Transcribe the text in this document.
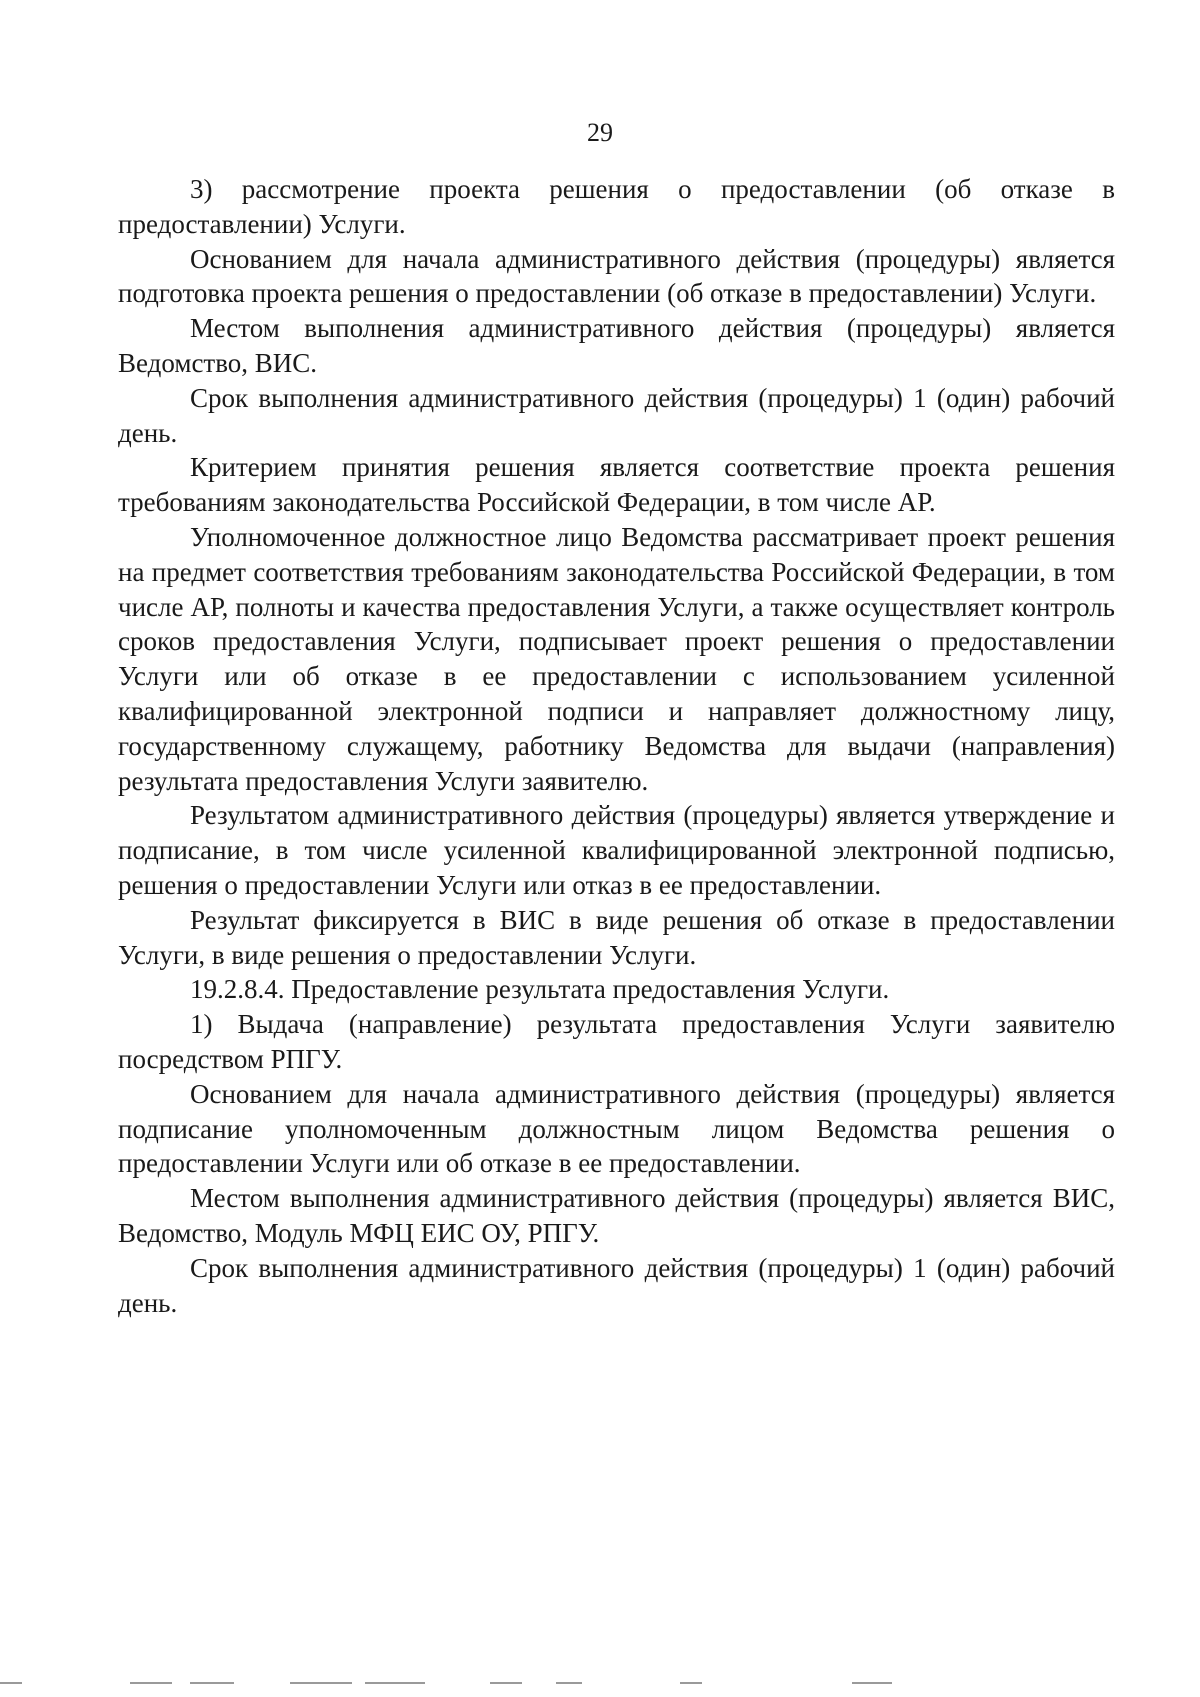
29

3) рассмотрение проекта решения о предоставлении (об отказе в предоставлении) Услуги.

Основанием для начала административного действия (процедуры) является подготовка проекта решения о предоставлении (об отказе в предоставлении) Услуги.

Местом выполнения административного действия (процедуры) является Ведомство, ВИС.

Срок выполнения административного действия (процедуры) 1 (один) рабочий день.

Критерием принятия решения является соответствие проекта решения требованиям законодательства Российской Федерации, в том числе АР.

Уполномоченное должностное лицо Ведомства рассматривает проект решения на предмет соответствия требованиям законодательства Российской Федерации, в том числе АР, полноты и качества предоставления Услуги, а также осуществляет контроль сроков предоставления Услуги, подписывает проект решения о предоставлении Услуги или об отказе в ее предоставлении с использованием усиленной квалифицированной электронной подписи и направляет должностному лицу, государственному служащему, работнику Ведомства для выдачи (направления) результата предоставления Услуги заявителю.

Результатом административного действия (процедуры) является утверждение и подписание, в том числе усиленной квалифицированной электронной подписью, решения о предоставлении Услуги или отказ в ее предоставлении.

Результат фиксируется в ВИС в виде решения об отказе в предоставлении Услуги, в виде решения о предоставлении Услуги.

19.2.8.4. Предоставление результата предоставления Услуги.

1) Выдача (направление) результата предоставления Услуги заявителю посредством РПГУ.

Основанием для начала административного действия (процедуры) является подписание уполномоченным должностным лицом Ведомства решения о предоставлении Услуги или об отказе в ее предоставлении.

Местом выполнения административного действия (процедуры) является ВИС, Ведомство, Модуль МФЦ ЕИС ОУ, РПГУ.

Срок выполнения административного действия (процедуры) 1 (один) рабочий день.
